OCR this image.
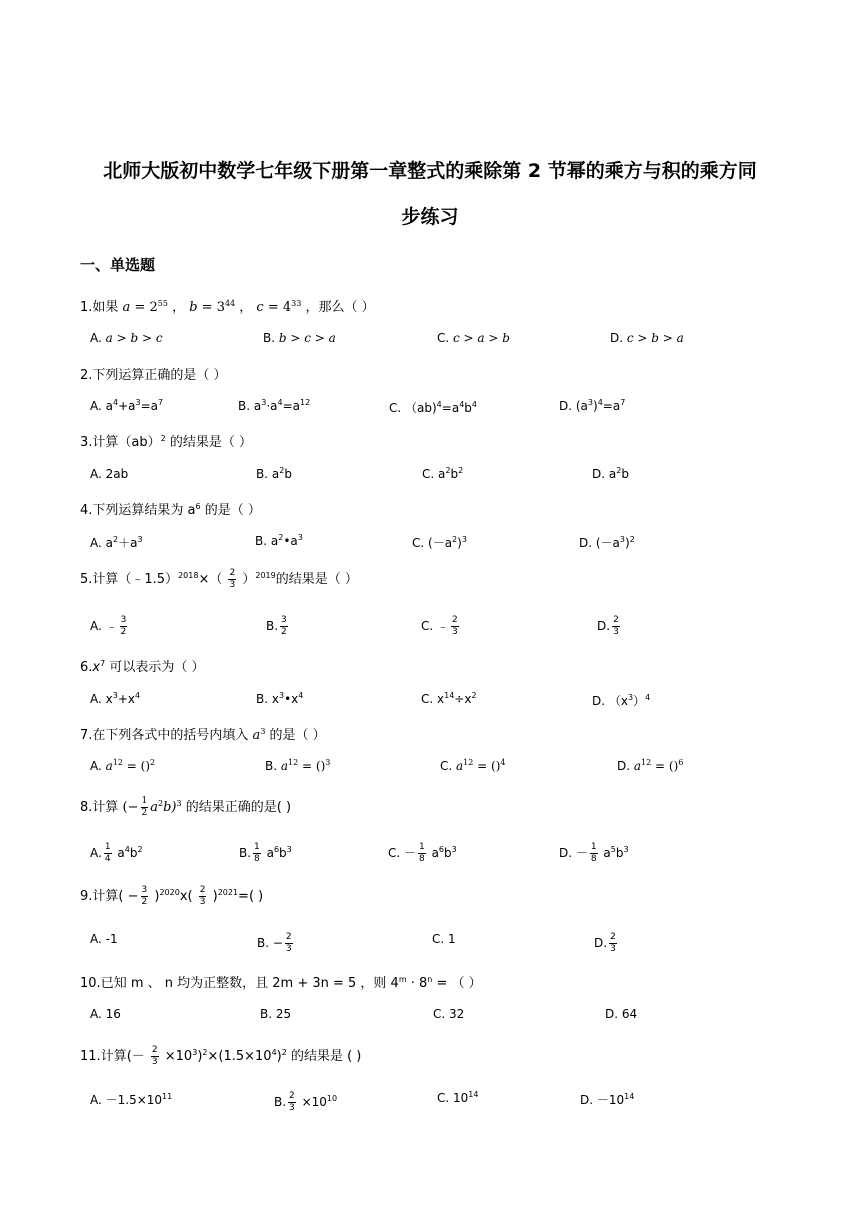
北师大版初中数学七年级下册第一章整式的乘除第 2 节幂的乘方与积的乘方同
步练习
一、单选题
1.如果 $a = 2^{55}$ ， $b = 3^{44}$ ， $c = 4^{33}$ ，那么（ ）
A. a > b > c	B. b > c > a	C. c > a > b	D. c > b > a
2.下列运算正确的是（ ）
A. $a^4+a^3=a^7$	B. $a^3\cdot a^4=a^{12}$	C. $(ab)^4=a^4b^4$	D. $(a^3)^4=a^7$
3.计算（ab）$^2$ 的结果是（ ）
A. 2ab	B. $a^2b$	C. $a^2b^2$	D. $a^2b$
4.下列运算结果为 $a^6$ 的是（ ）
A. $a^2+a^3$	B. $a^2•a^3$	C. $(-a^2)^3$	D. $(-a^3)^2$
5.计算（﹣1.5）$^{2018}$×（ $\frac{2}{3} )^{2019}$的结果是（ ）
A. ﹣ $\frac{3}{2}$	B. $\frac{3}{2}$	C. ﹣ $\frac{2}{3}$	D. $\frac{2}{3}$
$6.x^7$ 可以表示为（ ）
A. $x^3+x^4$	B. $x^3•x^4$	C. $x^{14}\div x^2$	D. $(x^3)^4$
7.在下列各式中的括号内填入 $a^3$ 的是（ ）
A. $a^{12} = ()^2$	B. $a^{12} = ()^3$	C. $a^{12} = ()^4$	D. $a^{12} = ()^6$
8.计算 (− $\frac{1}{2} a^2b)^3$ 的结果正确的是( )
A. $\frac{1}{4} a^4b^2$	B. $\frac{1}{8} a^6b^3$	C. － $\frac{1}{8} a^6b^3$	D. － $\frac{1}{8} a^5b^3$
9.计算( − $\frac{3}{2} )^{2020}x( \frac{2}{3} )^{2021}=$( )
A. -1	B. − $\frac{2}{3}$	C. 1	D. $\frac{2}{3}$
10.已知 m 、 n 均为正整数，且 2m + 3n = 5 ，则 $4^m \cdot 8^n$ = （ ）
A. 16	B. 25	C. 32	D. 64
11.计算(－ $\frac{2}{3} \times 10^3)^2\times(1.5\times 10^4)^2$ 的结果是 ( )
A. $-1.5\times 10^{11}$	B. $\frac{2}{3} \times 10^{10}$	C. $10^{14}$	D. $-10^{14}$
